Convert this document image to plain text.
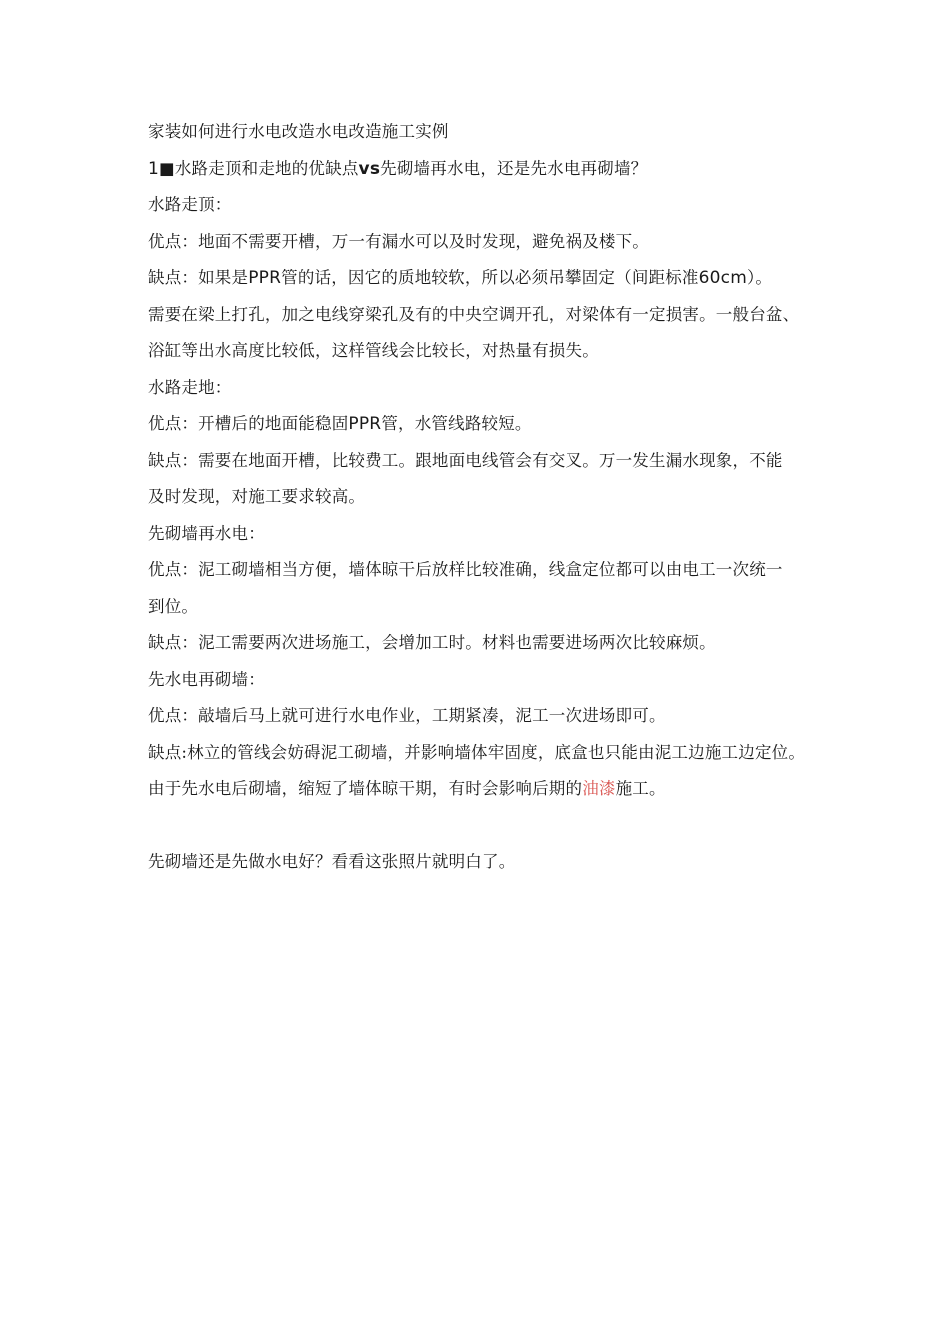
家装如何进行水电改造水电改造施工实例

1■水路走顶和走地的优缺点vs先砌墙再水电，还是先水电再砌墙？

水路走顶：

优点：地面不需要开槽，万一有漏水可以及时发现，避免祸及楼下。

缺点：如果是PPR管的话，因它的质地较软，所以必须吊攀固定（间距标准60cm）。

需要在梁上打孔，加之电线穿梁孔及有的中央空调开孔，对梁体有一定损害。一般台盆、

浴缸等出水高度比较低，这样管线会比较长，对热量有损失。

水路走地：

优点：开槽后的地面能稳固PPR管，水管线路较短。

缺点：需要在地面开槽，比较费工。跟地面电线管会有交叉。万一发生漏水现象，不能

及时发现，对施工要求较高。

先砌墙再水电：

优点：泥工砌墙相当方便，墙体晾干后放样比较准确，线盒定位都可以由电工一次统一

到位。

缺点：泥工需要两次进场施工，会增加工时。材料也需要进场两次比较麻烦。

先水电再砌墙：

优点：敲墙后马上就可进行水电作业，工期紧凑，泥工一次进场即可。

缺点:林立的管线会妨碍泥工砌墙，并影响墙体牢固度，底盒也只能由泥工边施工边定位。

由于先水电后砌墙，缩短了墙体晾干期，有时会影响后期的油漆施工。

先砌墙还是先做水电好？看看这张照片就明白了。
